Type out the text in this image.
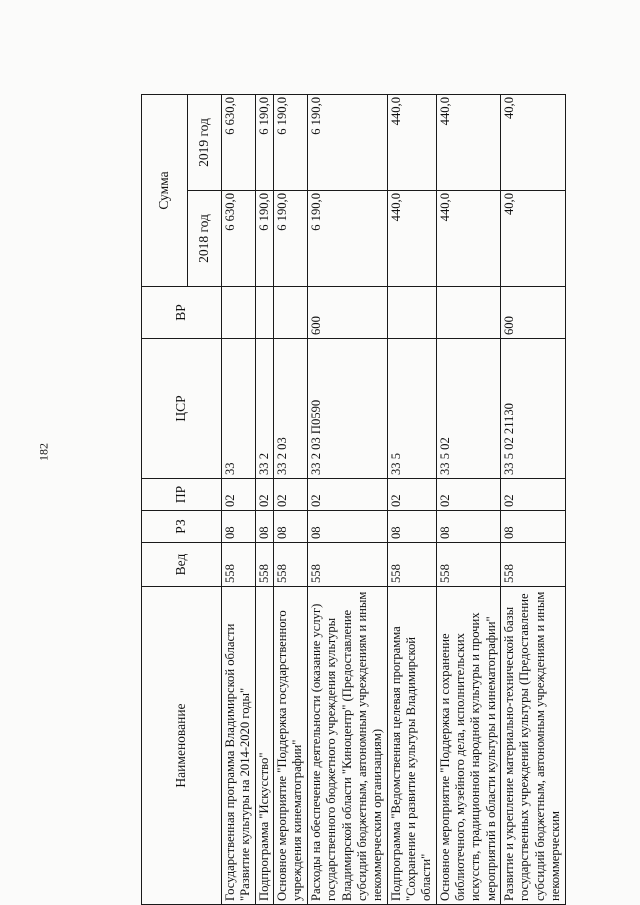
182
Наименование	Вед	РЗ	ПР	ЦСР	ВР	Сумма	
						2018 год	2019 год
Государственная программа Владимирской области "Развитие культуры на 2014-2020 годы"	558	08	02	33		6 630,0	6 630,0
Подпрограмма "Искусство"	558	08	02	33 2		6 190,0	6 190,0
Основное мероприятие "Поддержка государственного учреждения кинематографии"	558	08	02	33 2 03		6 190,0	6 190,0
Расходы на обеспечение деятельности (оказание услуг) государственного бюджетного учреждения культуры Владимирской области "Киноцентр" (Предоставление субсидий бюджетным, автономным учреждениям и иным некоммерческим организациям)	558	08	02	33 2 03 П0590	600	6 190,0	6 190,0
Подпрограмма "Ведомственная целевая программа "Сохранение и развитие культуры Владимирской области"	558	08	02	33 5		440,0	440,0
Основное мероприятие "Поддержка и сохранение библиотечного, музейного дела, исполнительских искусств, традиционной народной культуры и прочих мероприятий в области культуры и кинематографии"	558	08	02	33 5 02		440,0	440,0
Развитие и укрепление материально-технической базы государственных учреждений культуры (Предоставление субсидий бюджетным, автономным учреждениям и иным некоммерческим	558	08	02	33 5 02 21130	600	40,0	40,0
